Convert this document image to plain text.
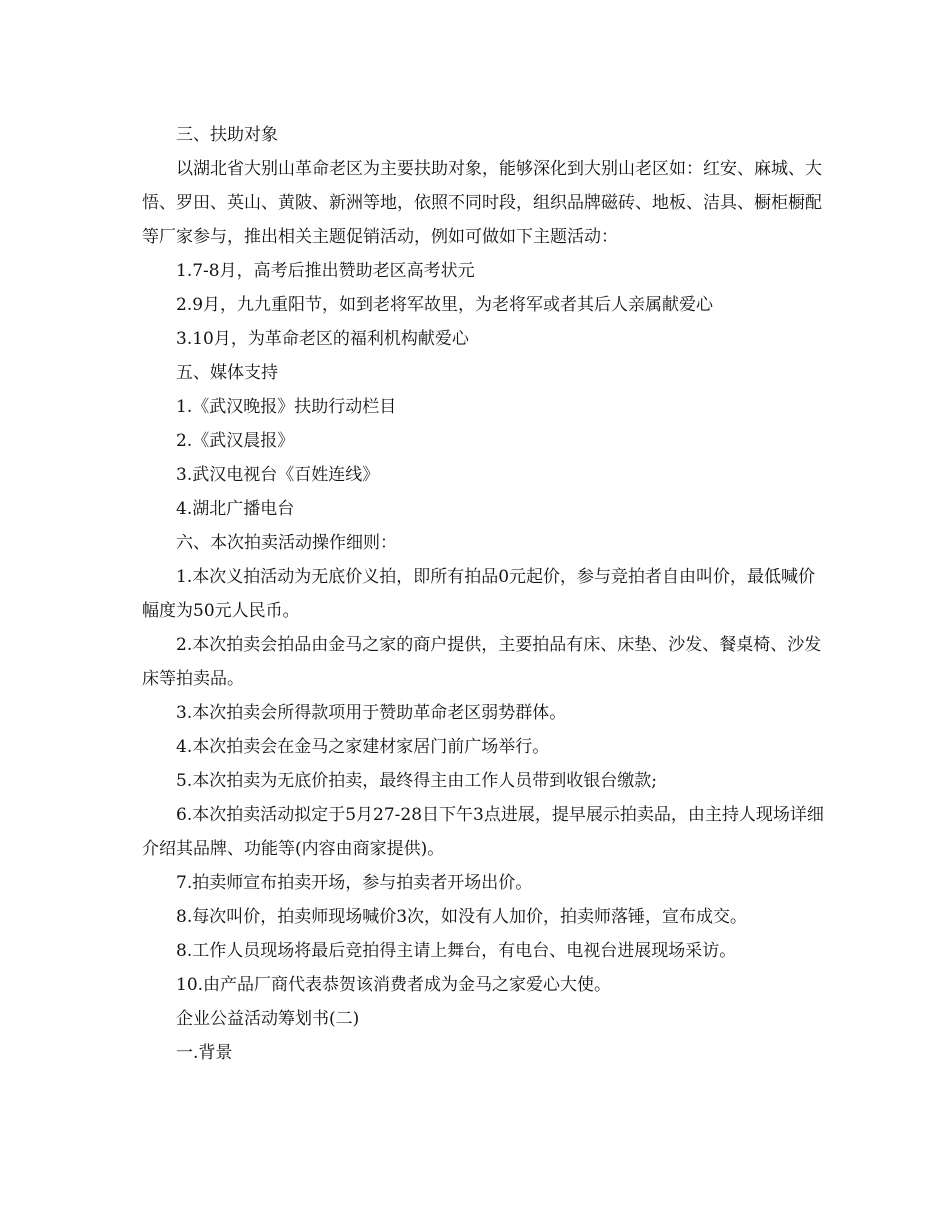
三、扶助对象

以湖北省大别山革命老区为主要扶助对象，能够深化到大别山老区如：红安、麻城、大悟、罗田、英山、黄陂、新洲等地，依照不同时段，组织品牌磁砖、地板、洁具、橱柜橱配等厂家参与，推出相关主题促销活动，例如可做如下主题活动：

1.7-8月，高考后推出赞助老区高考状元

2.9月，九九重阳节，如到老将军故里，为老将军或者其后人亲属献爱心

3.10月，为革命老区的福利机构献爱心

五、媒体支持

1.《武汉晚报》扶助行动栏目

2.《武汉晨报》

3.武汉电视台《百姓连线》

4.湖北广播电台

六、本次拍卖活动操作细则：

1.本次义拍活动为无底价义拍，即所有拍品0元起价，参与竞拍者自由叫价，最低喊价幅度为50元人民币。

2.本次拍卖会拍品由金马之家的商户提供，主要拍品有床、床垫、沙发、餐桌椅、沙发床等拍卖品。

3.本次拍卖会所得款项用于赞助革命老区弱势群体。

4.本次拍卖会在金马之家建材家居门前广场举行。

5.本次拍卖为无底价拍卖，最终得主由工作人员带到收银台缴款;

6.本次拍卖活动拟定于5月27-28日下午3点进展，提早展示拍卖品，由主持人现场详细介绍其品牌、功能等(内容由商家提供)。

7.拍卖师宣布拍卖开场，参与拍卖者开场出价。

8.每次叫价，拍卖师现场喊价3次，如没有人加价，拍卖师落锤，宣布成交。

8.工作人员现场将最后竞拍得主请上舞台，有电台、电视台进展现场采访。

10.由产品厂商代表恭贺该消费者成为金马之家爱心大使。

企业公益活动筹划书(二)

一.背景
